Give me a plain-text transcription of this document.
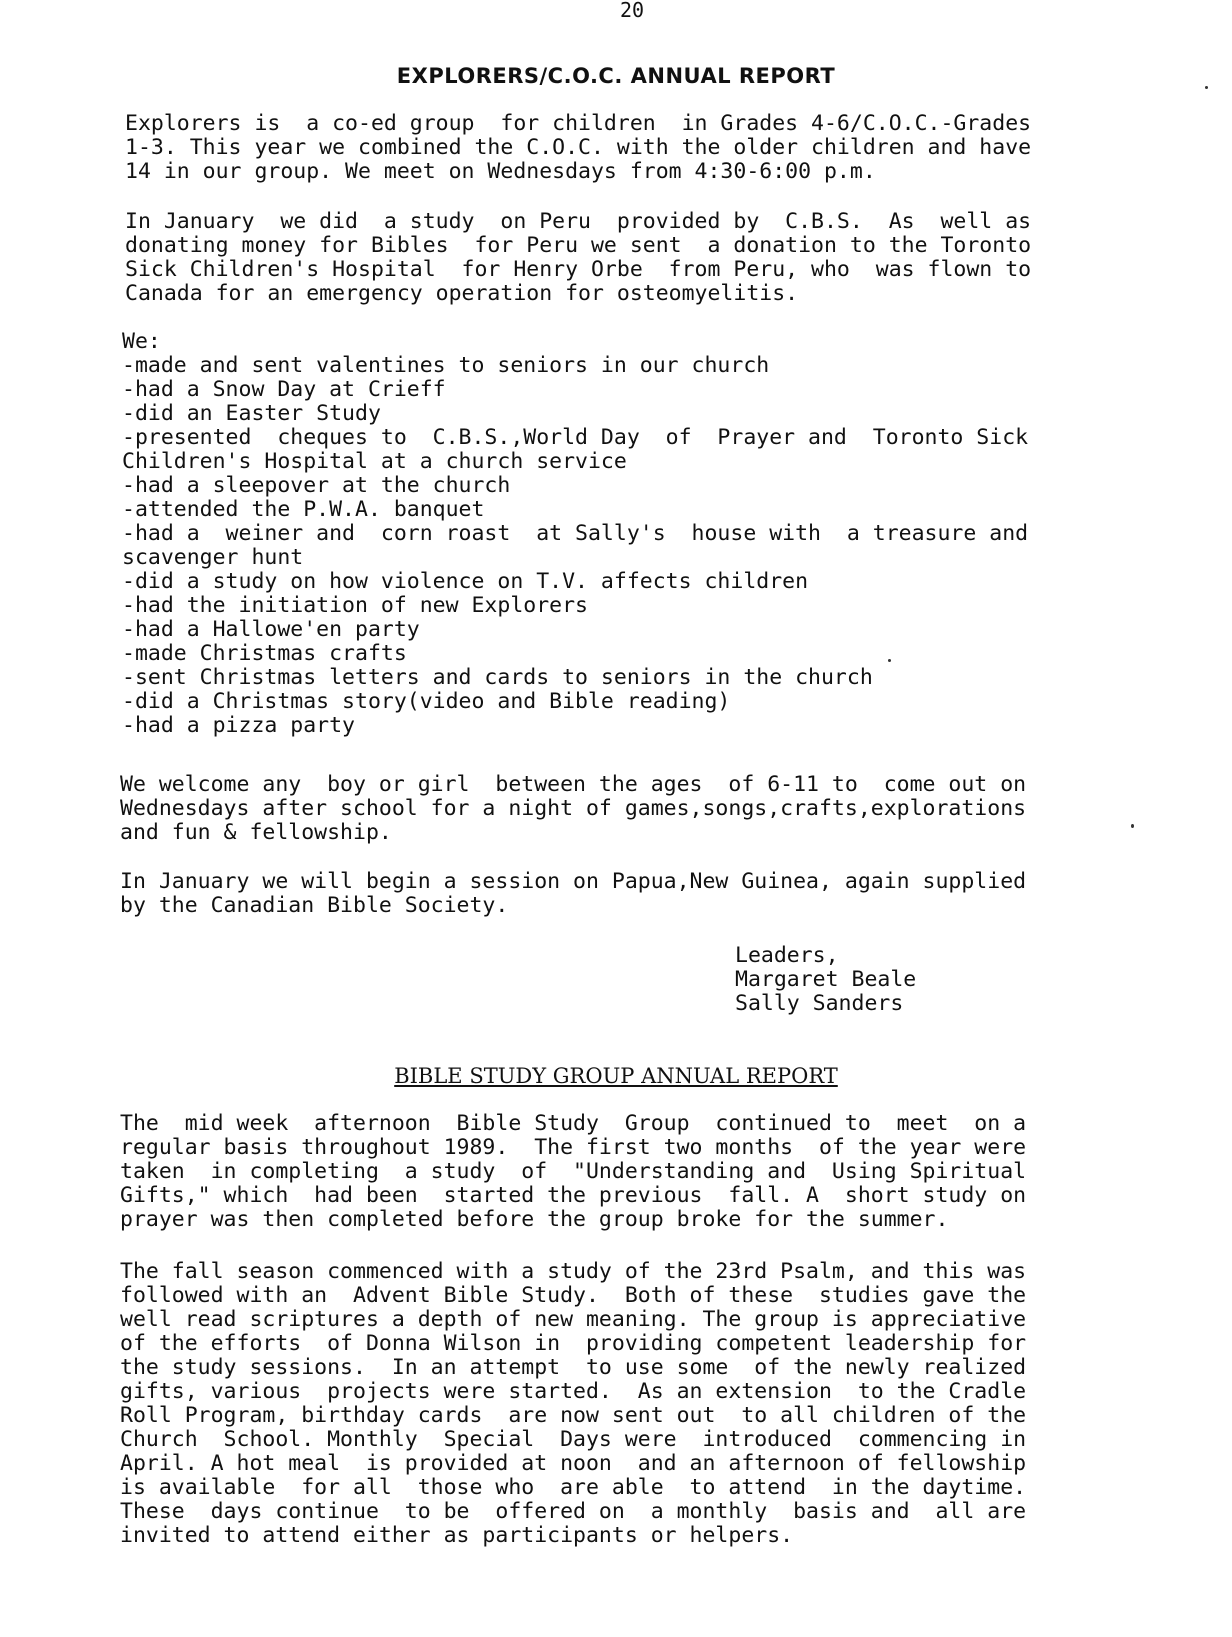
20
EXPLORERS/C.O.C. ANNUAL REPORT

Explorers is  a co-ed group  for children  in Grades 4-6/C.O.C.-Grades
1-3. This year we combined the C.O.C. with the older children and have
14 in our group. We meet on Wednesdays from 4:30-6:00 p.m.

In January  we did  a study  on Peru  provided by  C.B.S.  As  well as
donating money for Bibles  for Peru we sent  a donation to the Toronto
Sick Children's Hospital  for Henry Orbe  from Peru, who  was flown to
Canada for an emergency operation for osteomyelitis.

We:
-made and sent valentines to seniors in our church
-had a Snow Day at Crieff
-did an Easter Study
-presented  cheques to  C.B.S.,World Day  of  Prayer and  Toronto Sick
Children's Hospital at a church service
-had a sleepover at the church
-attended the P.W.A. banquet
-had a  weiner and  corn roast  at Sally's  house with  a treasure and
scavenger hunt
-did a study on how violence on T.V. affects children
-had the initiation of new Explorers
-had a Hallowe'en party
-made Christmas crafts
-sent Christmas letters and cards to seniors in the church
-did a Christmas story(video and Bible reading)
-had a pizza party

We welcome any  boy or girl  between the ages  of 6-11 to  come out on
Wednesdays after school for a night of games,songs,crafts,explorations
and fun & fellowship.

In January we will begin a session on Papua,New Guinea, again supplied
by the Canadian Bible Society.

Leaders,
Margaret Beale
Sally Sanders

BIBLE STUDY GROUP ANNUAL REPORT

The  mid week  afternoon  Bible Study  Group  continued to  meet  on a
regular basis throughout 1989.  The first two months  of the year were
taken  in completing  a study  of  "Understanding and  Using Spiritual
Gifts," which  had been  started the previous  fall. A  short study on
prayer was then completed before the group broke for the summer.

The fall season commenced with a study of the 23rd Psalm, and this was
followed with an  Advent Bible Study.  Both of these  studies gave the
well read scriptures a depth of new meaning. The group is appreciative
of the efforts  of Donna Wilson in  providing competent leadership for
the study sessions.  In an attempt  to use some  of the newly realized
gifts, various  projects were started.  As an extension  to the Cradle
Roll Program, birthday cards  are now sent out  to all children of the
Church  School. Monthly  Special  Days were  introduced  commencing in
April. A hot meal  is provided at noon  and an afternoon of fellowship
is available  for all  those who  are able  to attend  in the daytime.
These  days continue  to be  offered on  a monthly  basis and  all are
invited to attend either as participants or helpers.
